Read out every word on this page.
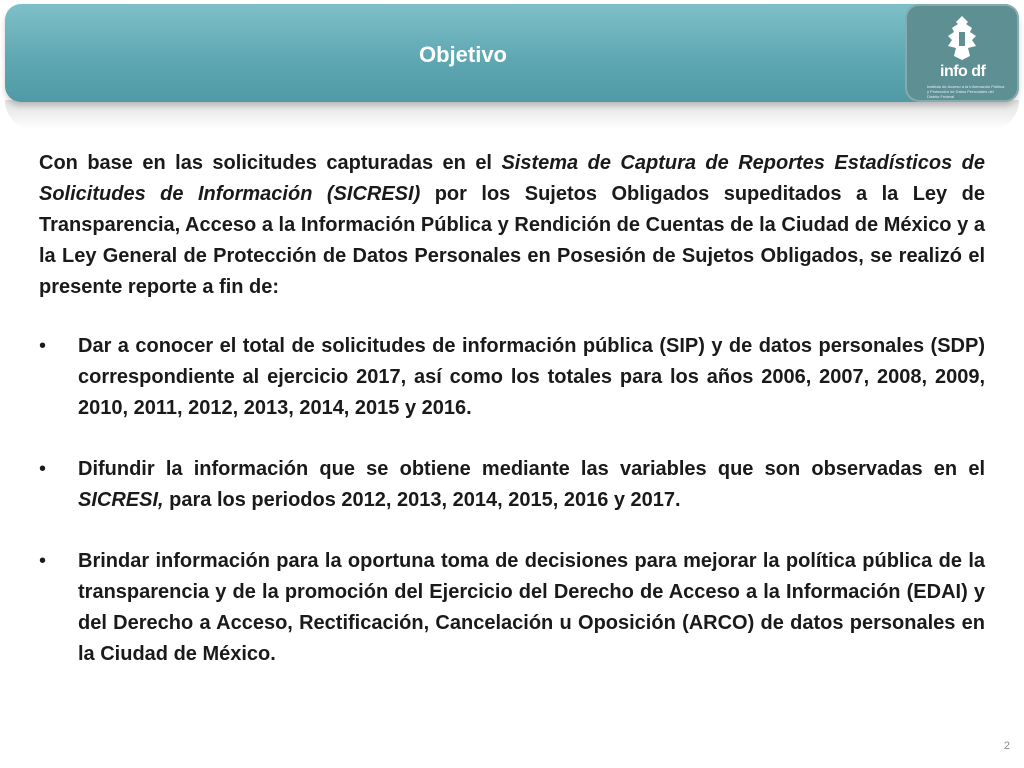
Objetivo
info df
Instituto de Acceso a la Información Pública y Protección de Datos Personales del Distrito Federal

Con base en las solicitudes capturadas en el Sistema de Captura de Reportes Estadísticos de Solicitudes de Información (SICRESI) por los Sujetos Obligados supeditados a la Ley de Transparencia, Acceso a la Información Pública y Rendición de Cuentas de la Ciudad de México y a la Ley General de Protección de Datos Personales en Posesión de Sujetos Obligados, se realizó el presente reporte a fin de:

• Dar a conocer el total de solicitudes de información pública (SIP) y de datos personales (SDP) correspondiente al ejercicio 2017, así como los totales para los años 2006, 2007, 2008, 2009, 2010, 2011, 2012, 2013, 2014, 2015 y 2016.
• Difundir la información que se obtiene mediante las variables que son observadas en el SICRESI, para los periodos 2012, 2013, 2014, 2015, 2016 y 2017.
• Brindar información para la oportuna toma de decisiones para mejorar la política pública de la transparencia y de la promoción del Ejercicio del Derecho de Acceso a la Información (EDAI) y del Derecho a Acceso, Rectificación, Cancelación u Oposición (ARCO) de datos personales en la Ciudad de México.
2
